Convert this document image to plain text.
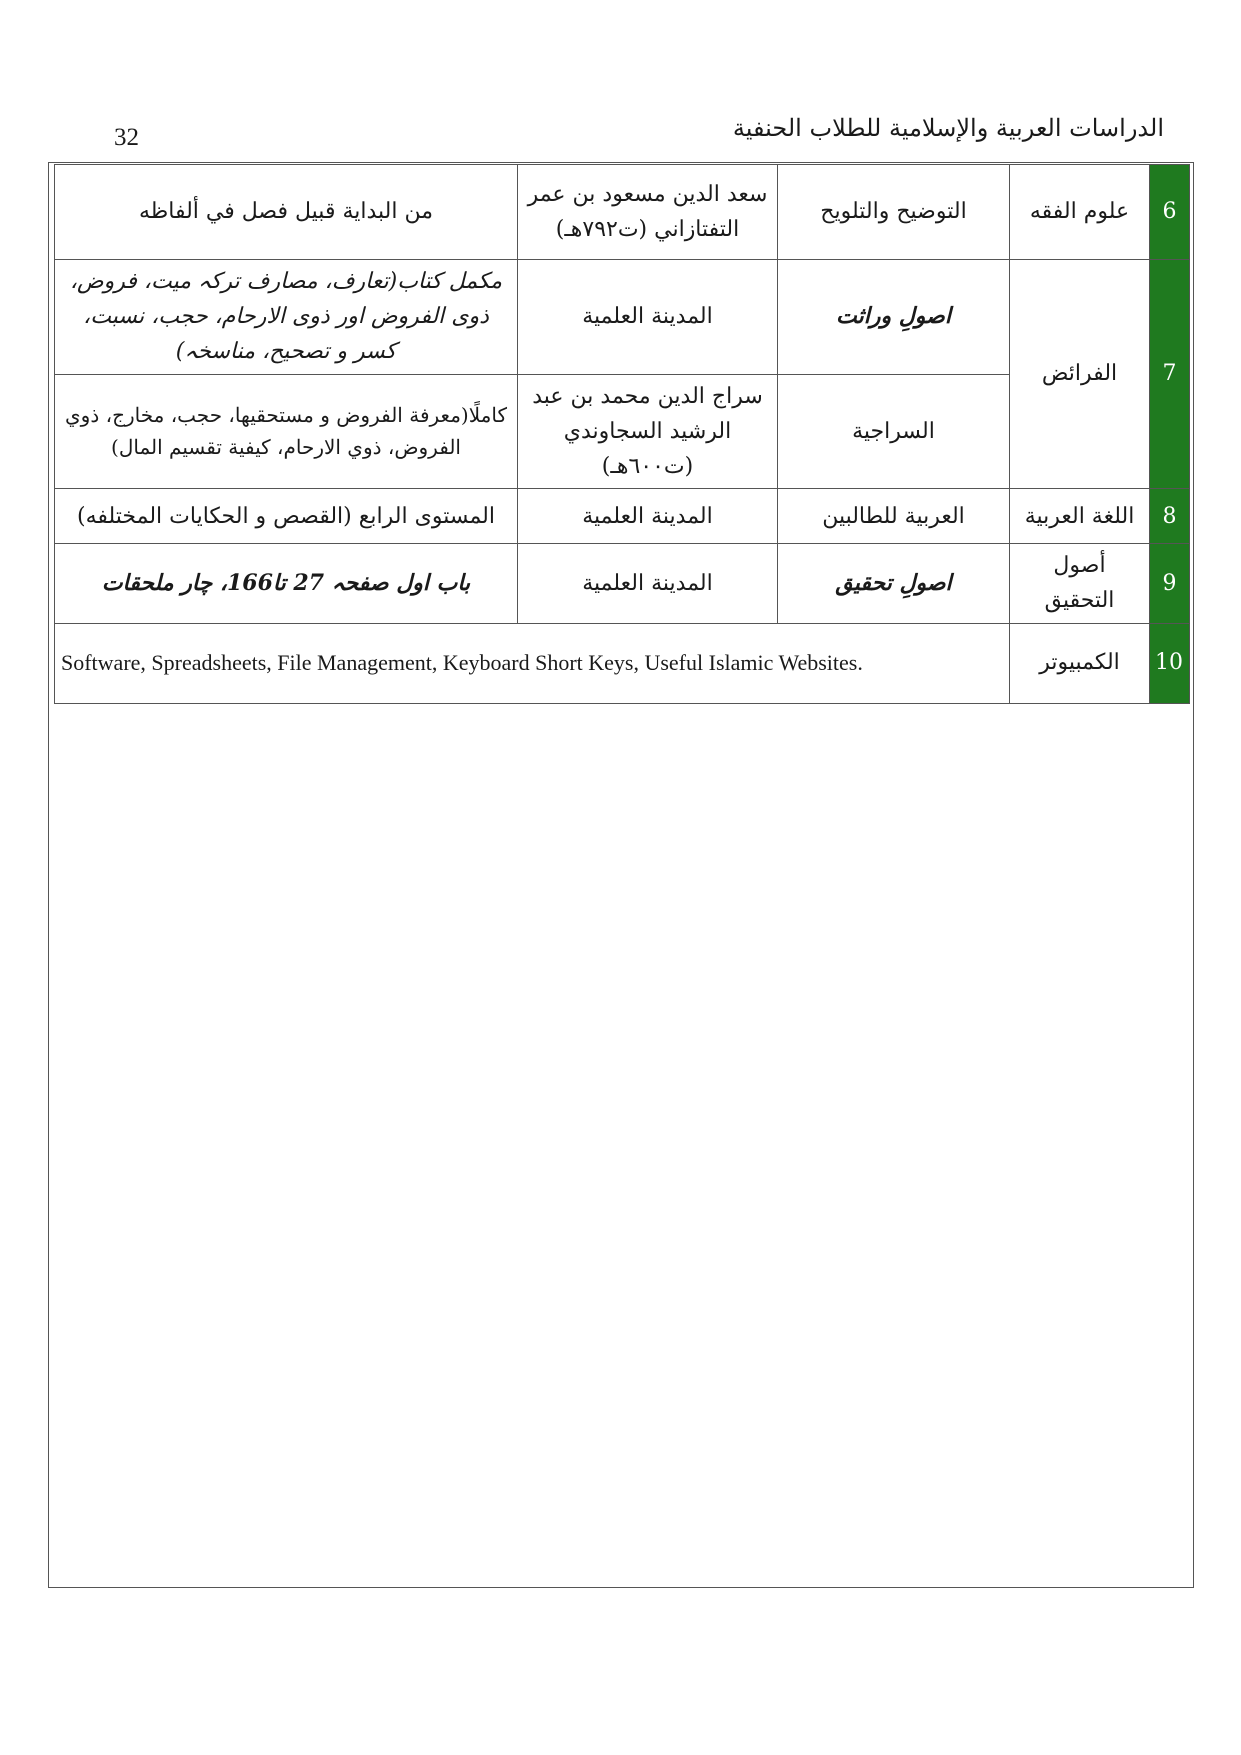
32	الدراسات العربية والإسلامية للطلاب الحنفية
6	علوم الفقه	التوضيح والتلويح	سعد الدين مسعود بن عمر التفتازاني (ت٧٩٢هـ)	من البداية قبيل فصل في ألفاظه
7	الفرائض	اصولِ وراثت	المدينة العلمية	مکمل کتاب(تعارف، مصارف ترکہ میت، فروض، ذوی الفروض اور ذوی الارحام، حجب، نسبت، کسر و تصحیح، مناسخہ)
		السراجية	سراج الدين محمد بن عبد الرشيد السجاوندي (ت٦٠٠هـ)	كاملًا(معرفة الفروض و مستحقيها، حجب، مخارج، ذوي الفروض، ذوي الارحام، كيفية تقسيم المال)
8	اللغة العربية	العربية للطالبين	المدينة العلمية	المستوى الرابع (القصص و الحكايات المختلفه)
9	أصول التحقيق	اصولِ تحقیق	المدينة العلمية	باب اول صفحہ 27 تا166، چار ملحقات
10	الكمبيوتر	Software, Spreadsheets, File Management, Keyboard Short Keys, Useful Islamic Websites.		
